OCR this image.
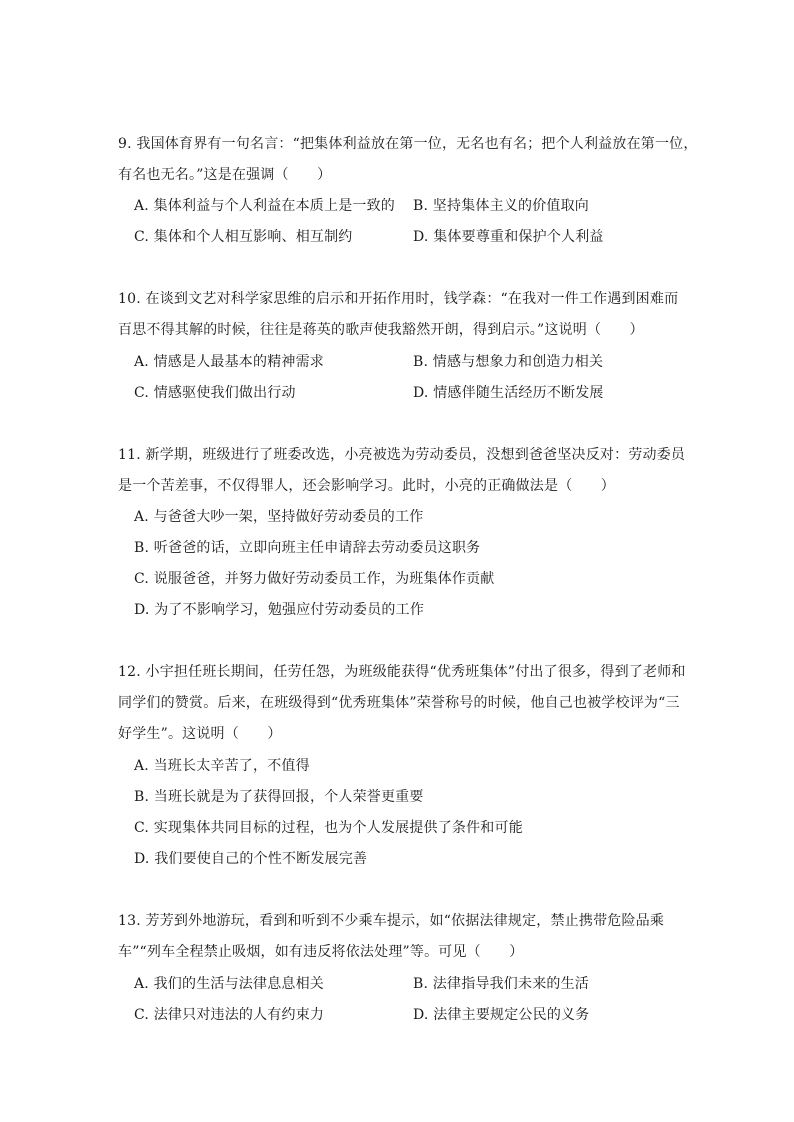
9. 我国体育界有一句名言：“把集体利益放在第一位，无名也有名；把个人利益放在第一位，
有名也无名。”这是在强调（　　）
A. 集体利益与个人利益在本质上是一致的 B. 坚持集体主义的价值取向
C. 集体和个人相互影响、相互制约	D. 集体要尊重和保护个人利益
10. 在谈到文艺对科学家思维的启示和开拓作用时，钱学森：“在我对一件工作遇到困难而
百思不得其解的时候，往往是蒋英的歌声使我豁然开朗，得到启示。”这说明（　　）
A. 情感是人最基本的精神需求	B. 情感与想象力和创造力相关
C. 情感驱使我们做出行动	D. 情感伴随生活经历不断发展
11. 新学期，班级进行了班委改选，小亮被选为劳动委员，没想到爸爸坚决反对：劳动委员
是一个苦差事，不仅得罪人，还会影响学习。此时，小亮的正确做法是（　　）
A. 与爸爸大吵一架，坚持做好劳动委员的工作
B. 听爸爸的话，立即向班主任申请辞去劳动委员这职务
C. 说服爸爸，并努力做好劳动委员工作，为班集体作贡献
D. 为了不影响学习，勉强应付劳动委员的工作
12. 小宇担任班长期间，任劳任怨，为班级能获得“优秀班集体”付出了很多，得到了老师和
同学们的赞赏。后来，在班级得到“优秀班集体”荣誉称号的时候，他自己也被学校评为“三
好学生”。这说明（　　）
A. 当班长太辛苦了，不值得
B. 当班长就是为了获得回报，个人荣誉更重要
C. 实现集体共同目标的过程，也为个人发展提供了条件和可能
D. 我们要使自己的个性不断发展完善
13. 芳芳到外地游玩，看到和听到不少乘车提示，如“依据法律规定，禁止携带危险品乘
车”“列车全程禁止吸烟，如有违反将依法处理”等。可见（　　）
A. 我们的生活与法律息息相关	B. 法律指导我们未来的生活
C. 法律只对违法的人有约束力	D. 法律主要规定公民的义务
